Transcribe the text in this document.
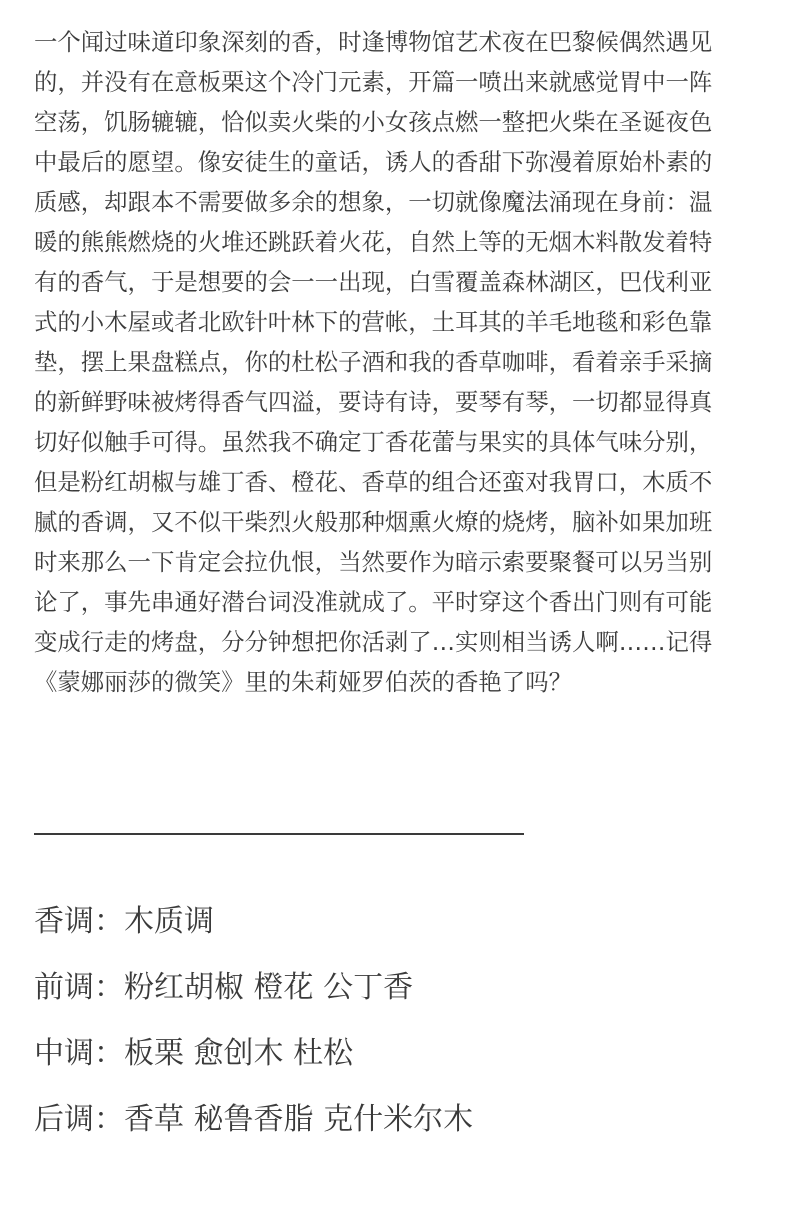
一个闻过味道印象深刻的香，时逢博物馆艺术夜在巴黎候偶然遇见
的，并没有在意板栗这个冷门元素，开篇一喷出来就感觉胃中一阵
空荡，饥肠辘辘，恰似卖火柴的小女孩点燃一整把火柴在圣诞夜色
中最后的愿望。像安徒生的童话，诱人的香甜下弥漫着原始朴素的
质感，却跟本不需要做多余的想象，一切就像魔法涌现在身前：温
暖的熊熊燃烧的火堆还跳跃着火花，自然上等的无烟木料散发着特
有的香气，于是想要的会一一出现，白雪覆盖森林湖区，巴伐利亚
式的小木屋或者北欧针叶林下的营帐，土耳其的羊毛地毯和彩色靠
垫，摆上果盘糕点，你的杜松子酒和我的香草咖啡，看着亲手采摘
的新鲜野味被烤得香气四溢，要诗有诗，要琴有琴，一切都显得真
切好似触手可得。虽然我不确定丁香花蕾与果实的具体气味分别，
但是粉红胡椒与雄丁香、橙花、香草的组合还蛮对我胃口，木质不
腻的香调，又不似干柴烈火般那种烟熏火燎的烧烤，脑补如果加班
时来那么一下肯定会拉仇恨，当然要作为暗示索要聚餐可以另当别
论了，事先串通好潜台词没准就成了。平时穿这个香出门则有可能
变成行走的烤盘，分分钟想把你活剥了…实则相当诱人啊……记得
《蒙娜丽莎的微笑》里的朱莉娅罗伯茨的香艳了吗？
香调：木质调
前调：粉红胡椒 橙花 公丁香
中调：板栗 愈创木 杜松
后调：香草 秘鲁香脂 克什米尔木
